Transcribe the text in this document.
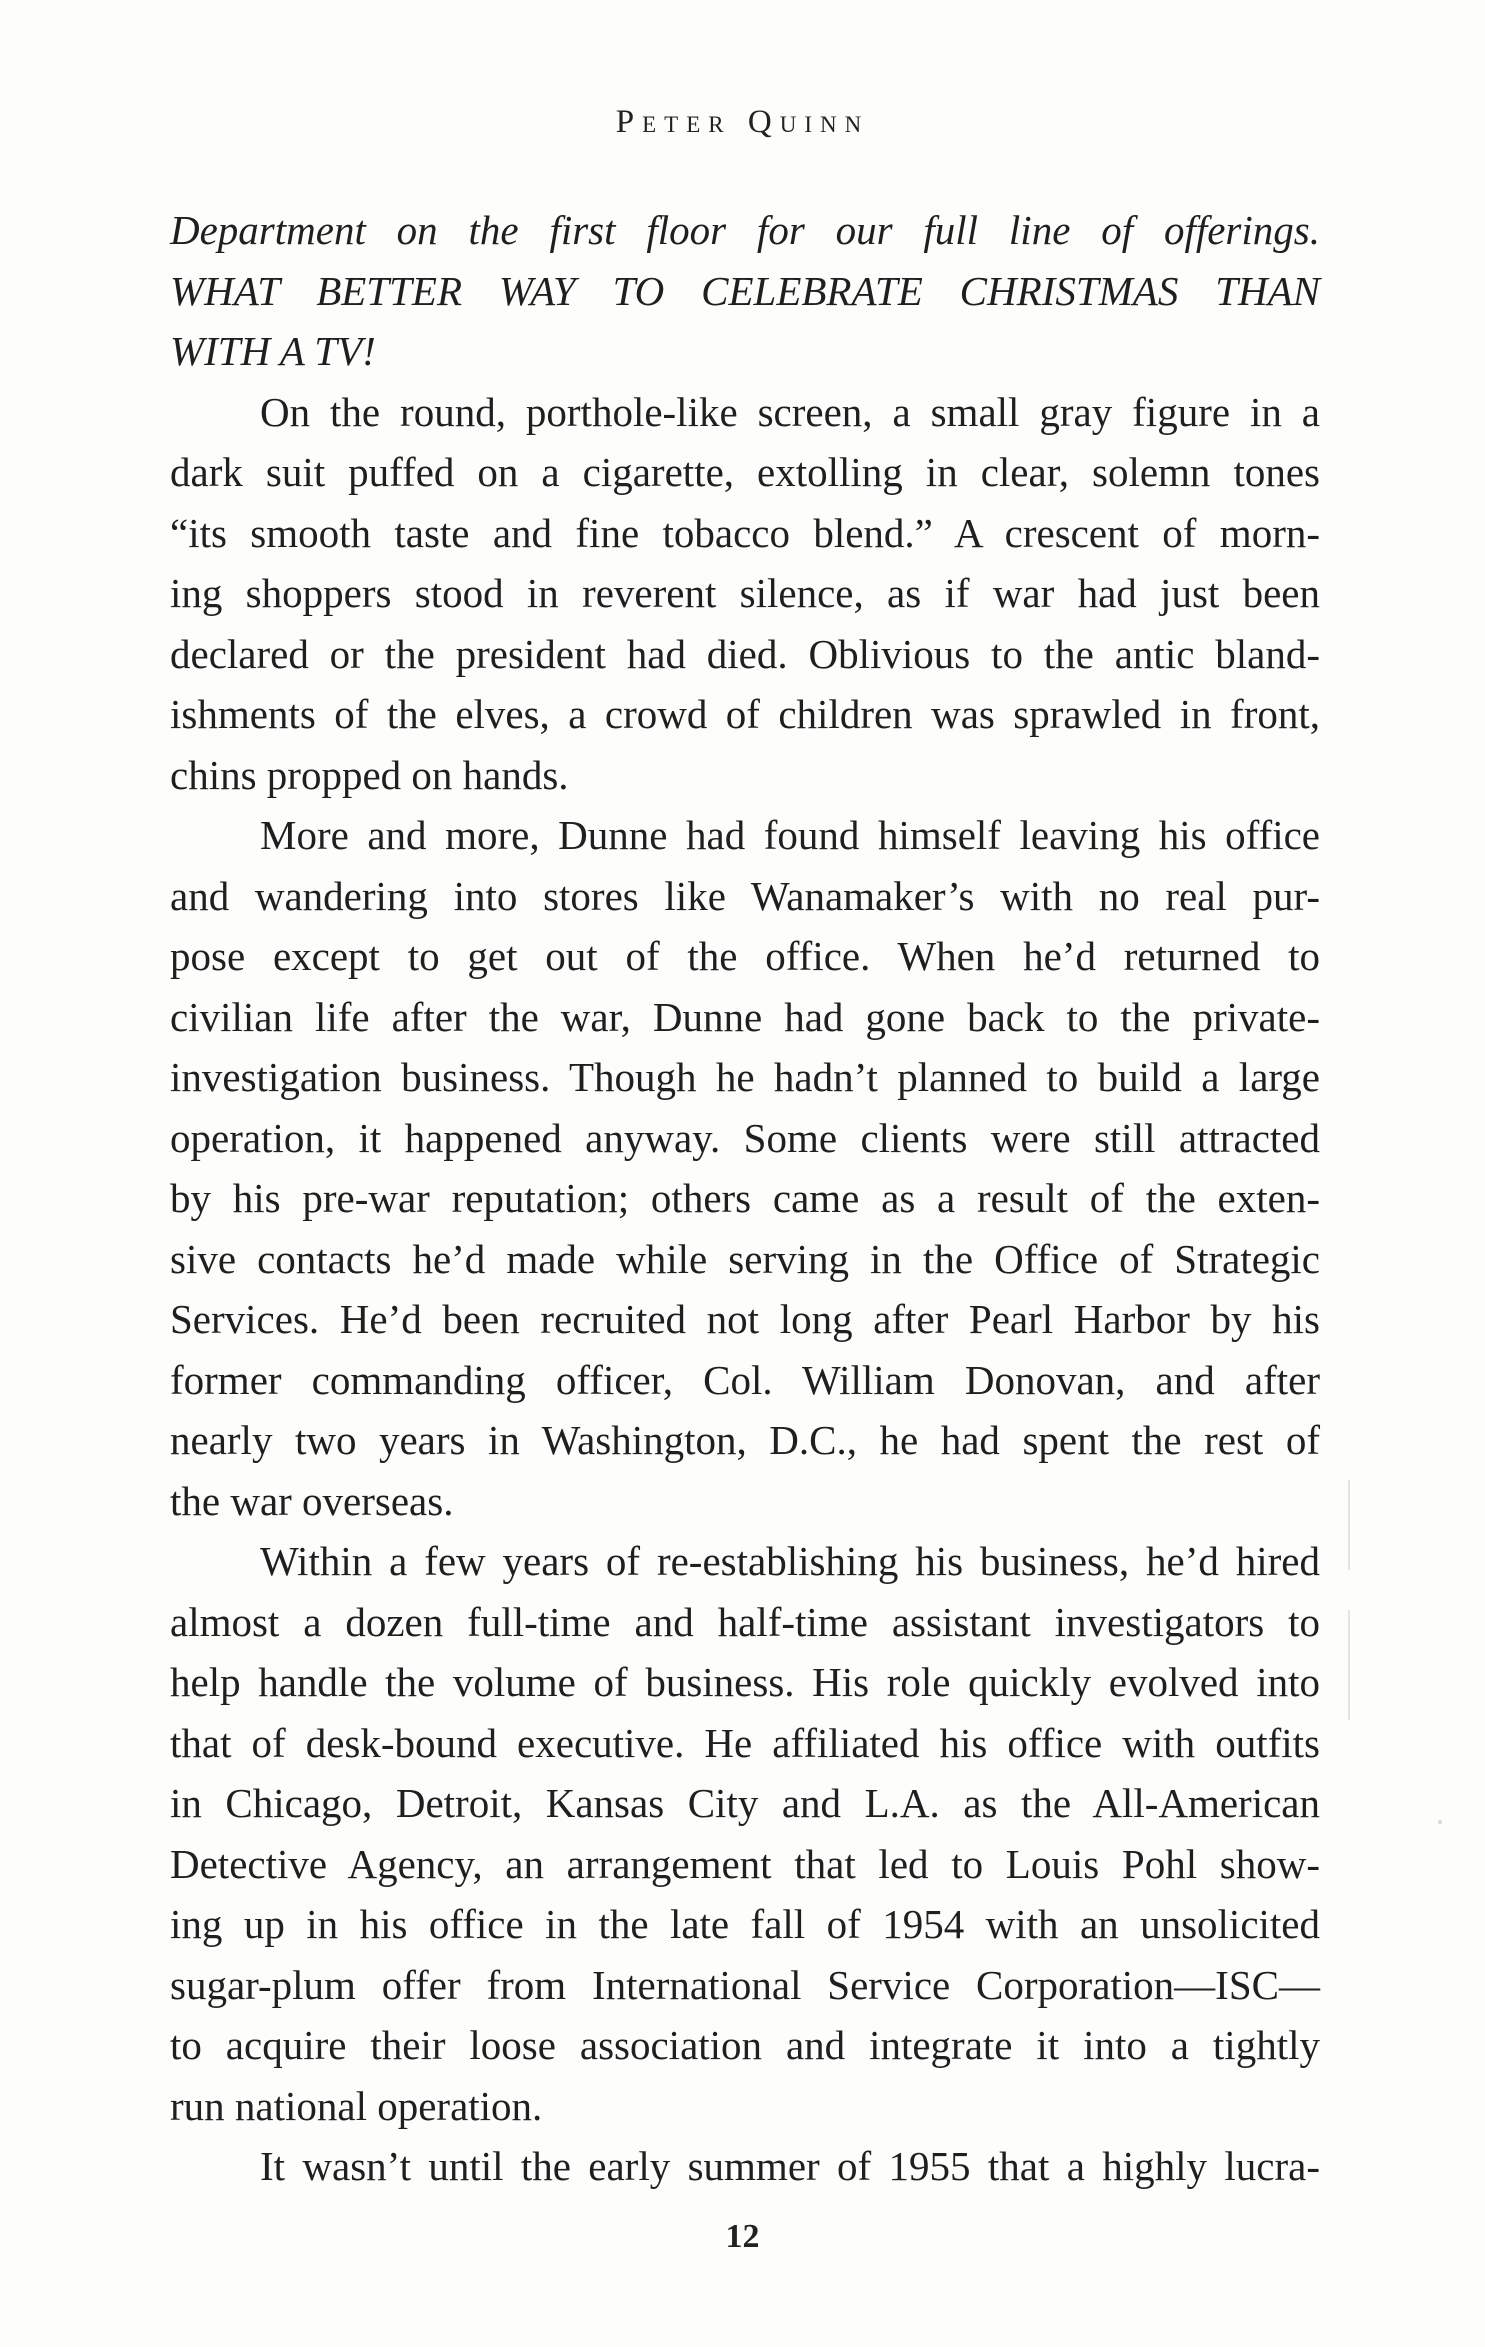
Peter Quinn
Department on the first floor for our full line of offerings.
WHAT BETTER WAY TO CELEBRATE CHRISTMAS THAN
WITH A TV!
On the round, porthole-like screen, a small gray figure in a
dark suit puffed on a cigarette, extolling in clear, solemn tones
“its smooth taste and fine tobacco blend.” A crescent of morn-
ing shoppers stood in reverent silence, as if war had just been
declared or the president had died. Oblivious to the antic bland-
ishments of the elves, a crowd of children was sprawled in front,
chins propped on hands.
More and more, Dunne had found himself leaving his office
and wandering into stores like Wanamaker’s with no real pur-
pose except to get out of the office. When he’d returned to
civilian life after the war, Dunne had gone back to the private-
investigation business. Though he hadn’t planned to build a large
operation, it happened anyway. Some clients were still attracted
by his pre-war reputation; others came as a result of the exten-
sive contacts he’d made while serving in the Office of Strategic
Services. He’d been recruited not long after Pearl Harbor by his
former commanding officer, Col. William Donovan, and after
nearly two years in Washington, D.C., he had spent the rest of
the war overseas.
Within a few years of re-establishing his business, he’d hired
almost a dozen full-time and half-time assistant investigators to
help handle the volume of business. His role quickly evolved into
that of desk-bound executive. He affiliated his office with outfits
in Chicago, Detroit, Kansas City and L.A. as the All-American
Detective Agency, an arrangement that led to Louis Pohl show-
ing up in his office in the late fall of 1954 with an unsolicited
sugar-plum offer from International Service Corporation—ISC—
to acquire their loose association and integrate it into a tightly
run national operation.
It wasn’t until the early summer of 1955 that a highly lucra-
12
